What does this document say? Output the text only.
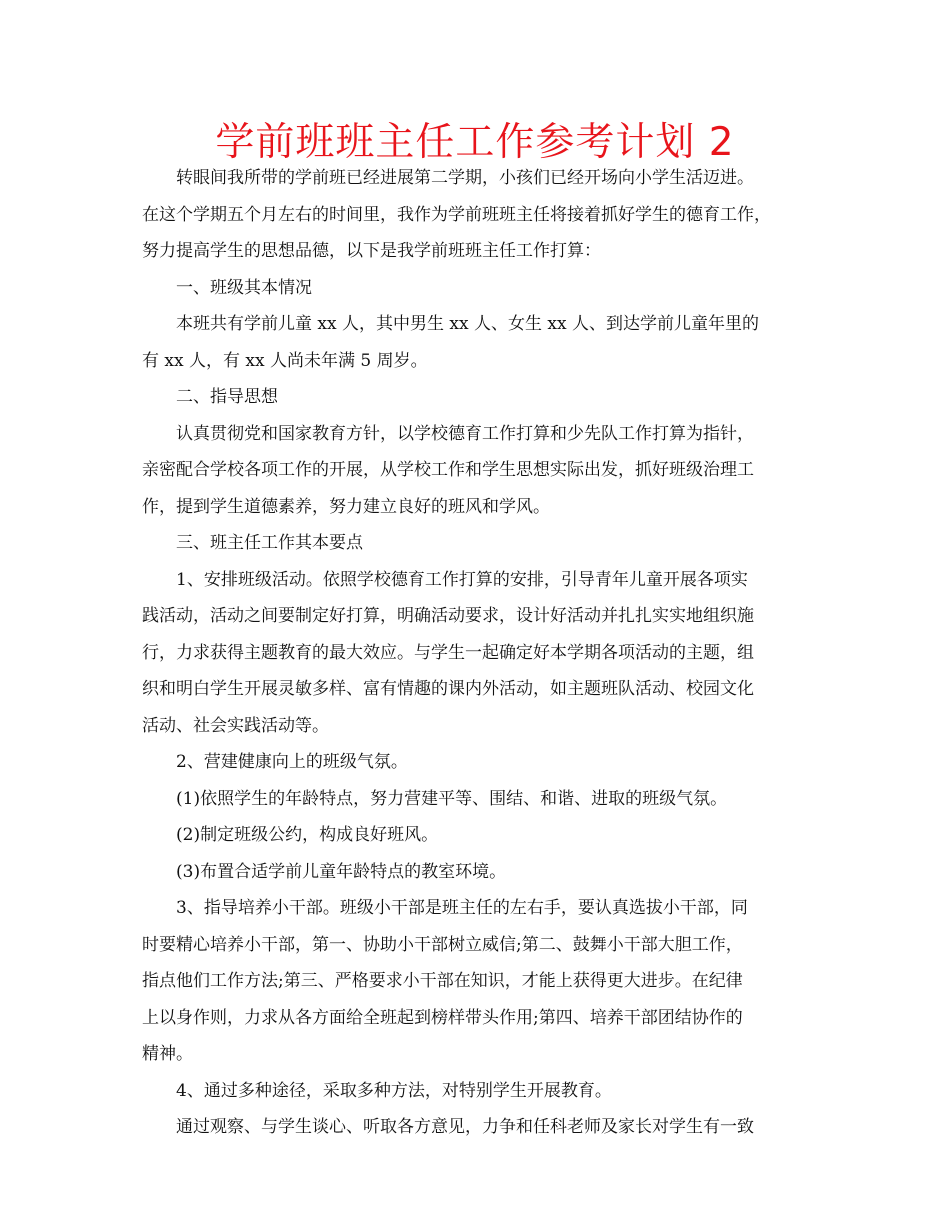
学前班班主任工作参考计划 2

转眼间我所带的学前班已经进展第二学期，小孩们已经开场向小学生活迈进。
在这个学期五个月左右的时间里，我作为学前班班主任将接着抓好学生的德育工作，
努力提高学生的思想品德，以下是我学前班班主任工作打算：

一、班级其本情况

本班共有学前儿童 xx 人，其中男生 xx 人、女生 xx 人、到达学前儿童年里的
有 xx 人，有 xx 人尚未年满 5 周岁。

二、指导思想

认真贯彻党和国家教育方针，以学校德育工作打算和少先队工作打算为指针，
亲密配合学校各项工作的开展，从学校工作和学生思想实际出发，抓好班级治理工
作，提到学生道德素养，努力建立良好的班风和学风。

三、班主任工作其本要点

1、安排班级活动。依照学校德育工作打算的安排，引导青年儿童开展各项实
践活动，活动之间要制定好打算，明确活动要求，设计好活动并扎扎实实地组织施
行，力求获得主题教育的最大效应。与学生一起确定好本学期各项活动的主题，组
织和明白学生开展灵敏多样、富有情趣的课内外活动，如主题班队活动、校园文化
活动、社会实践活动等。

2、营建健康向上的班级气氛。

(1)依照学生的年龄特点，努力营建平等、围结、和谐、进取的班级气氛。

(2)制定班级公约，构成良好班风。

(3)布置合适学前儿童年龄特点的教室环境。

3、指导培养小干部。班级小干部是班主任的左右手，要认真选拔小干部，同
时要精心培养小干部，第一、协助小干部树立威信;第二、鼓舞小干部大胆工作，
指点他们工作方法;第三、严格要求小干部在知识，才能上获得更大进步。在纪律
上以身作则，力求从各方面给全班起到榜样带头作用;第四、培养干部团结协作的
精神。

4、通过多种途径，采取多种方法，对特别学生开展教育。

通过观察、与学生谈心、听取各方意见，力争和任科老师及家长对学生有一致
